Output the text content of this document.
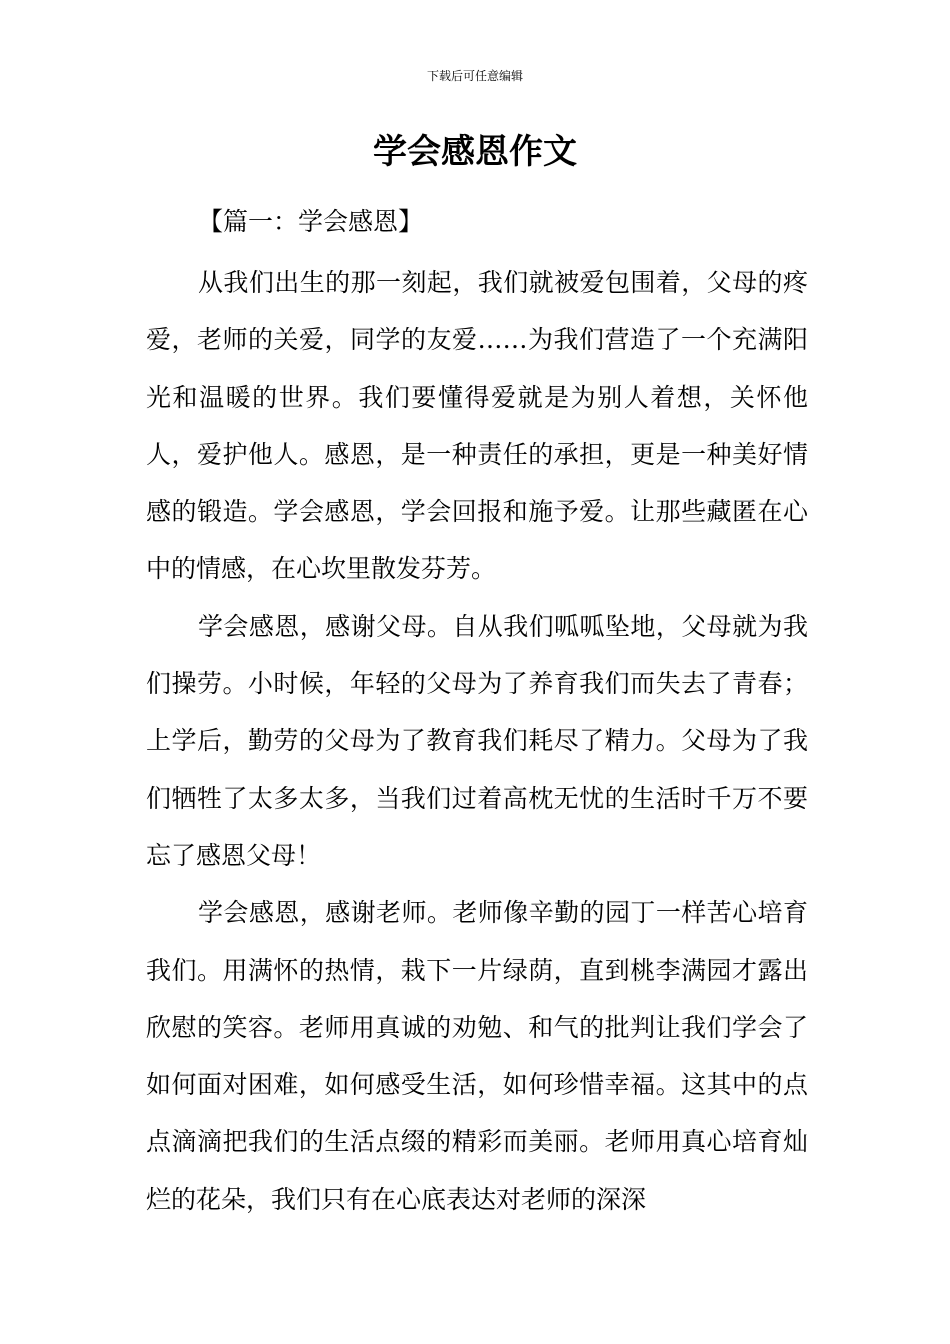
下载后可任意编辑
学会感恩作文

【篇一：学会感恩】

从我们出生的那一刻起，我们就被爱包围着，父母的疼爱，老师的关爱，同学的友爱……为我们营造了一个充满阳光和温暖的世界。我们要懂得爱就是为别人着想，关怀他人，爱护他人。感恩，是一种责任的承担，更是一种美好情感的锻造。学会感恩，学会回报和施予爱。让那些藏匿在心中的情感，在心坎里散发芬芳。

学会感恩，感谢父母。自从我们呱呱坠地，父母就为我们操劳。小时候，年轻的父母为了养育我们而失去了青春；上学后，勤劳的父母为了教育我们耗尽了精力。父母为了我们牺牲了太多太多，当我们过着高枕无忧的生活时千万不要忘了感恩父母！

学会感恩，感谢老师。老师像辛勤的园丁一样苦心培育我们。用满怀的热情，栽下一片绿荫，直到桃李满园才露出欣慰的笑容。老师用真诚的劝勉、和气的批判让我们学会了如何面对困难，如何感受生活，如何珍惜幸福。这其中的点点滴滴把我们的生活点缀的精彩而美丽。老师用真心培育灿烂的花朵，我们只有在心底表达对老师的深深
